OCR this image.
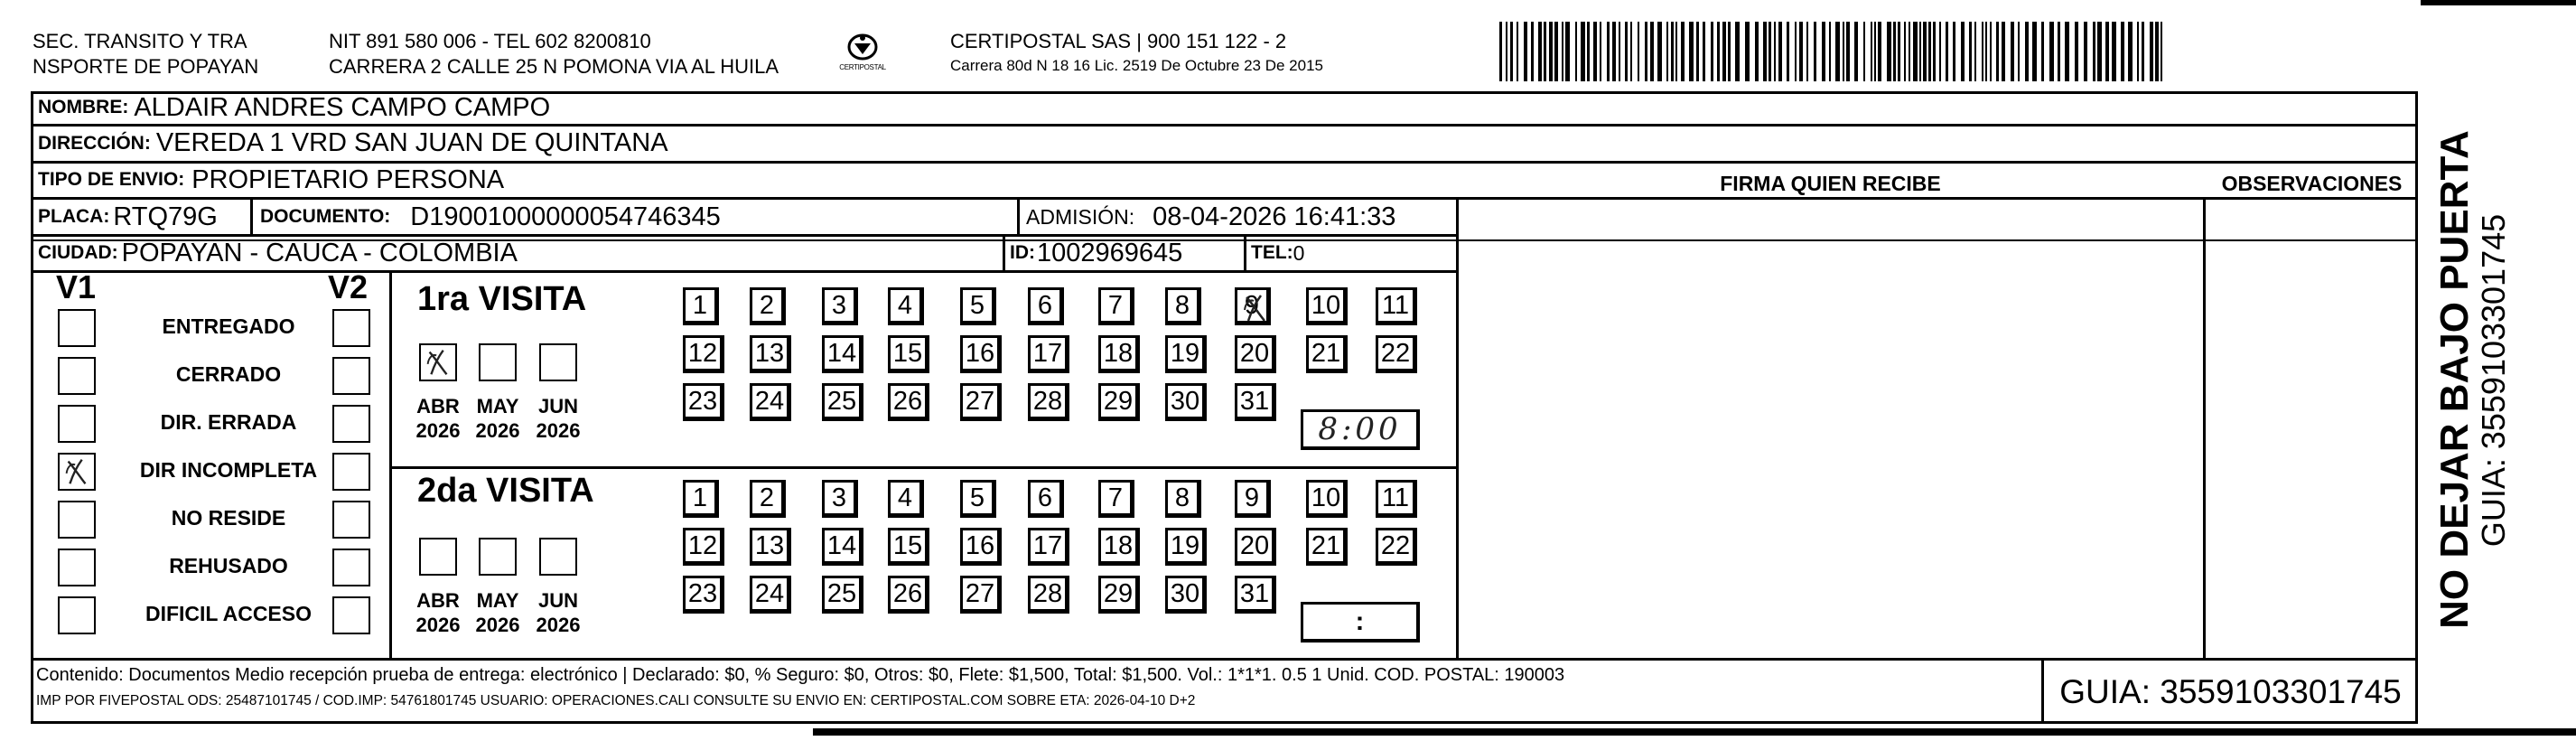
SEC. TRANSITO Y TRA
NSPORTE DE POPAYAN
NIT 891 580 006 - TEL 602 8200810
CARRERA 2 CALLE 25 N POMONA VIA AL HUILA	CERTIPOSTAL
CERTIPOSTAL SAS | 900 151 122 - 2
Carrera 80d N 18 16 Lic. 2519 De Octubre 23 De 2015
NOMBRE: ALDAIR ANDRES CAMPO CAMPO
DIRECCIÓN: VEREDA 1 VRD SAN JUAN DE QUINTANA
TIPO DE ENVIO: PROPIETARIO PERSONA	FIRMA QUIEN RECIBE	OBSERVACIONES
PLACA: RTQ79G DOCUMENTO: D19001000000054746345	ADMISIÓN: 08-04-2026 16:41:33
CIUDAD: POPAYAN - CAUCA - COLOMBIA	ID: 1002969645	TEL: 0
V1	V2
ENTREGADO
CERRADO
DIR. ERRADA
DIR INCOMPLETA
NO RESIDE
REHUSADO
DIFICIL ACCESO
1ra VISITA
ABR
2026
MAY
2026
JUN
2026
1 2 3 4 5 6 7 8 9 10 11
12 13 14 15 16 17 18 19 20 21 22
23 24 25 26 27 28 29 30 31
8:00
2da VISITA
ABR
2026
MAY
2026
JUN
2026
1 2 3 4 5 6 7 8 9 10 11
12 13 14 15 16 17 18 19 20 21 22
23 24 25 26 27 28 29 30 31
:
Contenido: Documentos Medio recepción prueba de entrega: electrónico | Declarado: $0, % Seguro: $0, Otros: $0, Flete: $1,500, Total: $1,500. Vol.: 1*1*1. 0.5 1 Unid. COD. POSTAL: 190003
IMP POR FIVEPOSTAL ODS: 25487101745 / COD.IMP: 54761801745 USUARIO: OPERACIONES.CALI CONSULTE SU ENVIO EN: CERTIPOSTAL.COM SOBRE ETA: 2026-04-10 D+2	GUIA: 3559103301745
NO DEJAR BAJO PUERTA
GUIA: 3559103301745
